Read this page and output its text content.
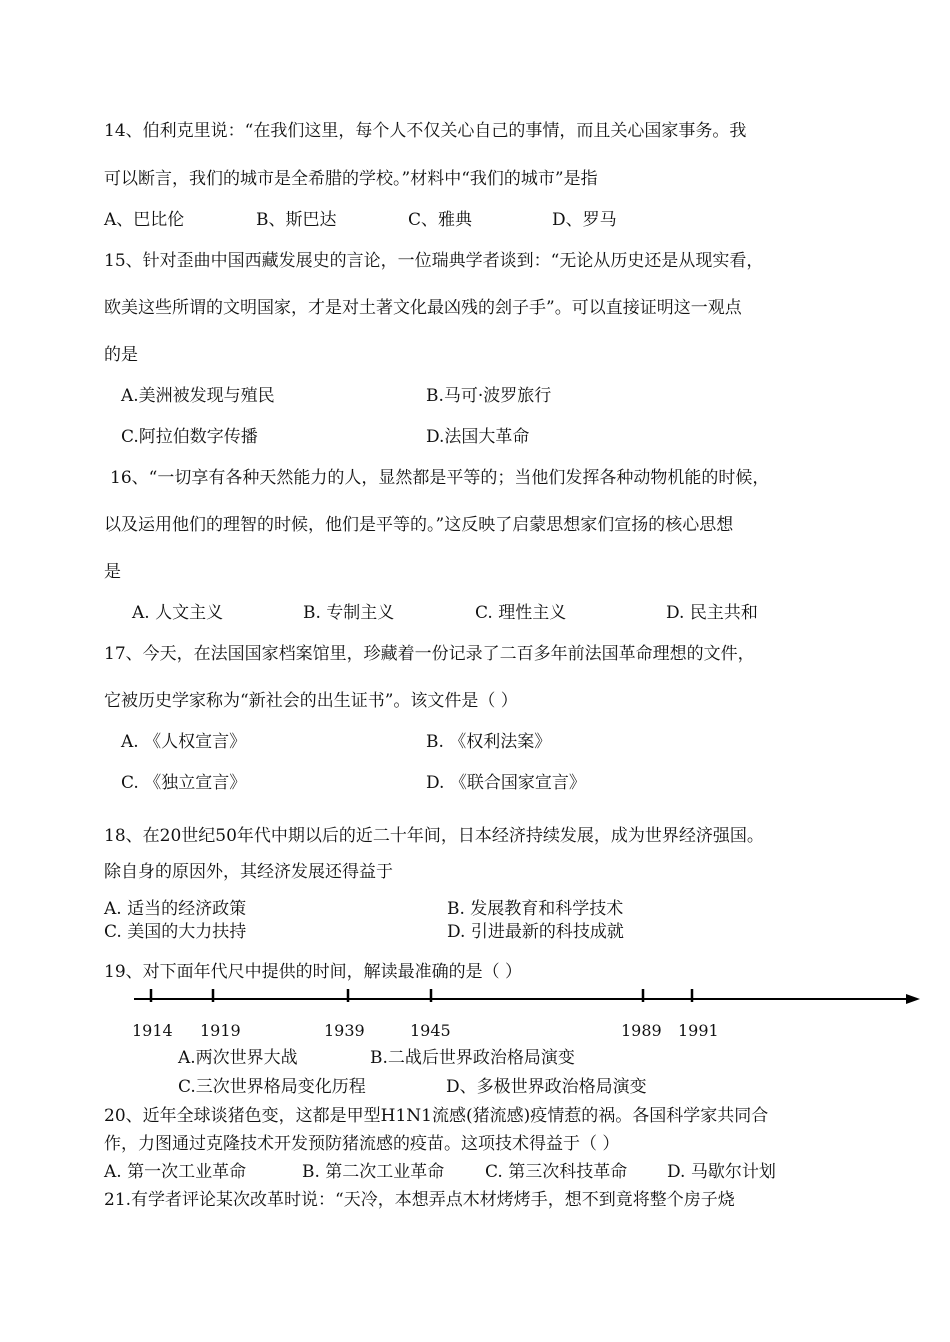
14、伯利克里说：“在我们这里，每个人不仅关心自己的事情，而且关心国家事务。我
可以断言，我们的城市是全希腊的学校。”材料中“我们的城市”是指
A、巴比伦	B、斯巴达	C、雅典	D、罗马
15、针对歪曲中国西藏发展史的言论，一位瑞典学者谈到：“无论从历史还是从现实看，
欧美这些所谓的文明国家，才是对土著文化最凶残的刽子手”。可以直接证明这一观点
的是
A.美洲被发现与殖民	B.马可·波罗旅行
C.阿拉伯数字传播	D.法国大革命
16、“一切享有各种天然能力的人，显然都是平等的；当他们发挥各种动物机能的时候，
以及运用他们的理智的时候，他们是平等的。”这反映了启蒙思想家们宣扬的核心思想
是
A. 人文主义	B. 专制主义	C. 理性主义	D. 民主共和
17、今天，在法国国家档案馆里，珍藏着一份记录了二百多年前法国革命理想的文件，
它被历史学家称为“新社会的出生证书”。该文件是（ ）
A. 《人权宣言》	B. 《权利法案》
C. 《独立宣言》	D. 《联合国家宣言》
18、在20世纪50年代中期以后的近二十年间，日本经济持续发展，成为世界经济强国。
除自身的原因外，其经济发展还得益于
A. 适当的经济政策	B. 发展教育和科学技术
C. 美国的大力扶持	D. 引进最新的科技成就
19、对下面年代尺中提供的时间，解读最准确的是（ ）
1914 1919	1939	1945	1989 1991
A.两次世界大战	B.二战后世界政治格局演变
C.三次世界格局变化历程	D、多极世界政治格局演变
20、近年全球谈猪色变，这都是甲型H1N1流感(猪流感)疫情惹的祸。各国科学家共同合
作，力图通过克隆技术开发预防猪流感的疫苗。这项技术得益于（ ）
A. 第一次工业革命	B. 第二次工业革命 C. 第三次科技革命 D. 马歇尔计划
21.有学者评论某次改革时说：“天冷，本想弄点木材烤烤手，想不到竟将整个房子烧
